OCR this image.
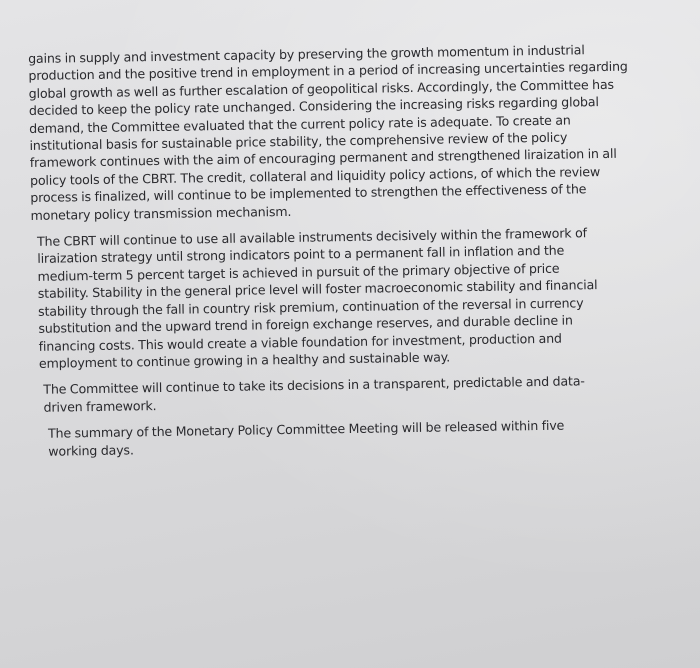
gains in supply and investment capacity by preserving the growth momentum in industrial production and the positive trend in employment in a period of increasing uncertainties regarding global growth as well as further escalation of geopolitical risks. Accordingly, the Committee has decided to keep the policy rate unchanged. Considering the increasing risks regarding global demand, the Committee evaluated that the current policy rate is adequate. To create an institutional basis for sustainable price stability, the comprehensive review of the policy framework continues with the aim of encouraging permanent and strengthened liraization in all policy tools of the CBRT. The credit, collateral and liquidity policy actions, of which the review process is finalized, will continue to be implemented to strengthen the effectiveness of the monetary policy transmission mechanism.

The CBRT will continue to use all available instruments decisively within the framework of liraization strategy until strong indicators point to a permanent fall in inflation and the medium-term 5 percent target is achieved in pursuit of the primary objective of price stability. Stability in the general price level will foster macroeconomic stability and financial stability through the fall in country risk premium, continuation of the reversal in currency substitution and the upward trend in foreign exchange reserves, and durable decline in financing costs. This would create a viable foundation for investment, production and employment to continue growing in a healthy and sustainable way.

The Committee will continue to take its decisions in a transparent, predictable and data-driven framework.

The summary of the Monetary Policy Committee Meeting will be released within five working days.
